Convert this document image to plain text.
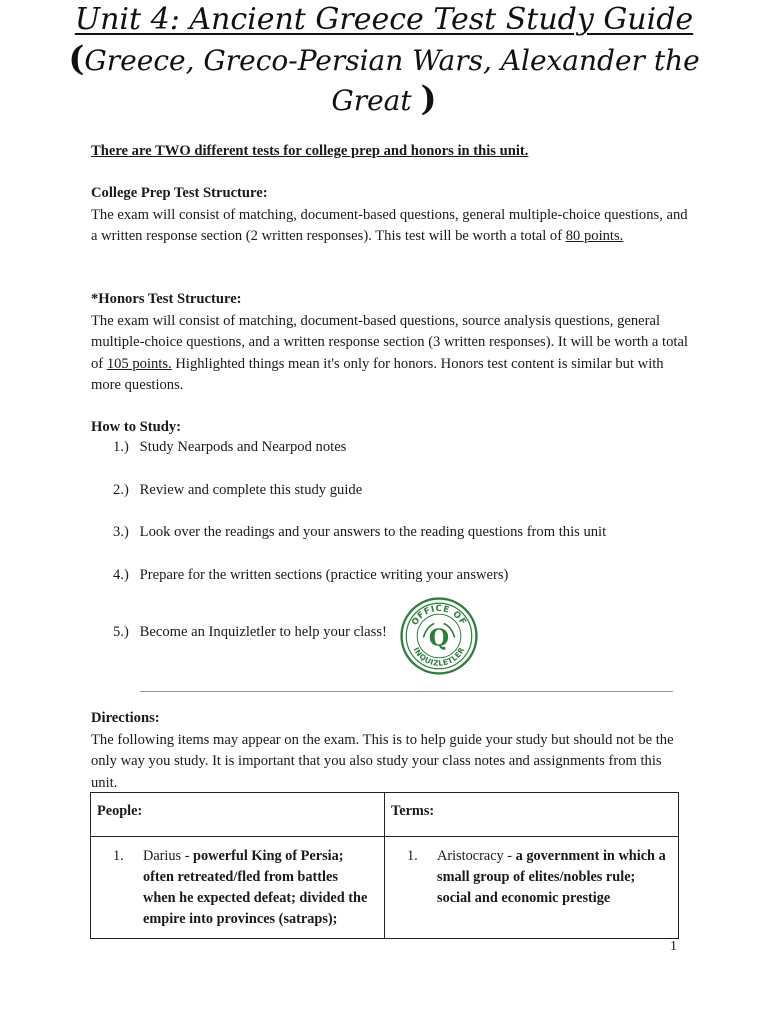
Unit 4: Ancient Greece Test Study Guide
(Greece, Greco-Persian Wars, Alexander the Great )
There are TWO different tests for college prep and honors in this unit.

College Prep Test Structure:

The exam will consist of matching, document-based questions, general multiple-choice questions, and a written response section (2 written responses). This test will be worth a total of 80 points.

*Honors Test Structure:

The exam will consist of matching, document-based questions, source analysis questions, general multiple-choice questions, and a written response section (3 written responses). It will be worth a total of 105 points. Highlighted things mean it's only for honors. Honors test content is similar but with more questions.

How to Study:
1.) Study Nearpods and Nearpod notes
2.) Review and complete this study guide
3.) Look over the readings and your answers to the reading questions from this unit
4.) Prepare for the written sections (practice writing your answers)
5.) Become an Inquizletler to help your class!
OFFICE OF
INQUIZLETLER
Q

Directions:

The following items may appear on the exam. This is to help guide your study but should not be the only way you study. It is important that you also study your class notes and assignments from this unit.

People:	Terms:

1. Darius - powerful King of Persia; often retreated/fled from battles when he expected defeat; divided the empire into provinces (satraps);	1. Aristocracy - a government in which a small group of elites/nobles rule; social and economic prestige
1
